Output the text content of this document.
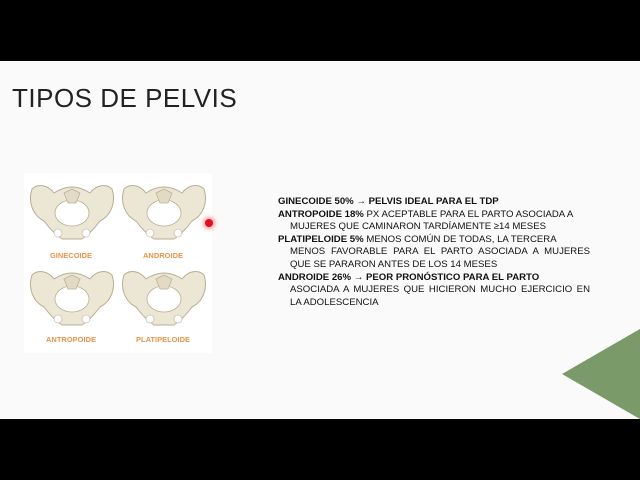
TIPOS DE PELVIS
GINECOIDE	ANDROIDE
ANTROPOIDE	PLATIPELOIDE

GINECOIDE 50% → PELVIS IDEAL PARA EL TDP

ANTROPOIDE 18% PX ACEPTABLE PARA EL PARTO ASOCIADA A
MUJERES QUE CAMINARON TARDÍAMENTE ≥14 MESES

PLATIPELOIDE 5% MENOS COMÚN DE TODAS, LA TERCERA
MENOS FAVORABLE PARA EL PARTO ASOCIADA A MUJERES QUE SE PARARON ANTES DE LOS 14 MESES

ANDROIDE 26% → PEOR PRONÓSTICO PARA EL PARTO
ASOCIADA A MUJERES QUE HICIERON MUCHO EJERCICIO EN LA ADOLESCENCIA
